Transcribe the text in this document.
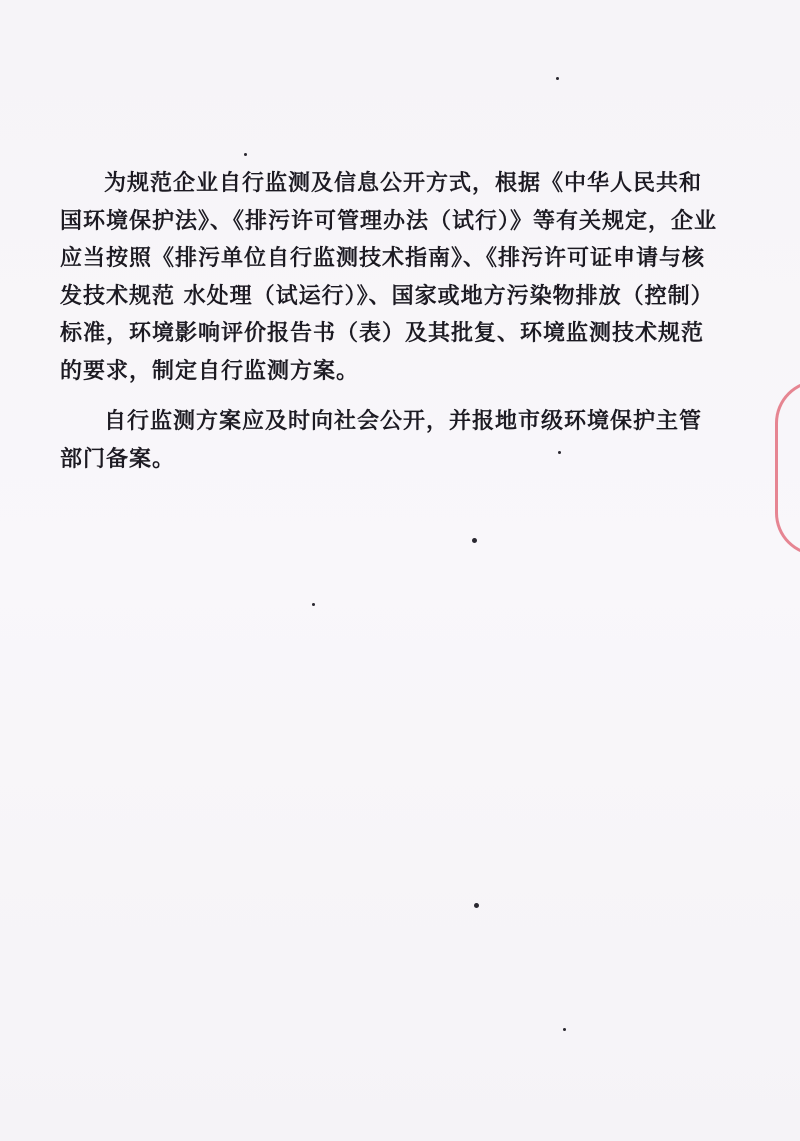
为规范企业自行监测及信息公开方式，根据《中华人民共和国环境保护法》、《排污许可管理办法（试行）》等有关规定，企业应当按照《排污单位自行监测技术指南》、《排污许可证申请与核发技术规范 水处理（试运行）》、国家或地方污染物排放（控制）标准，环境影响评价报告书（表）及其批复、环境监测技术规范的要求，制定自行监测方案。

自行监测方案应及时向社会公开，并报地市级环境保护主管部门备案。
